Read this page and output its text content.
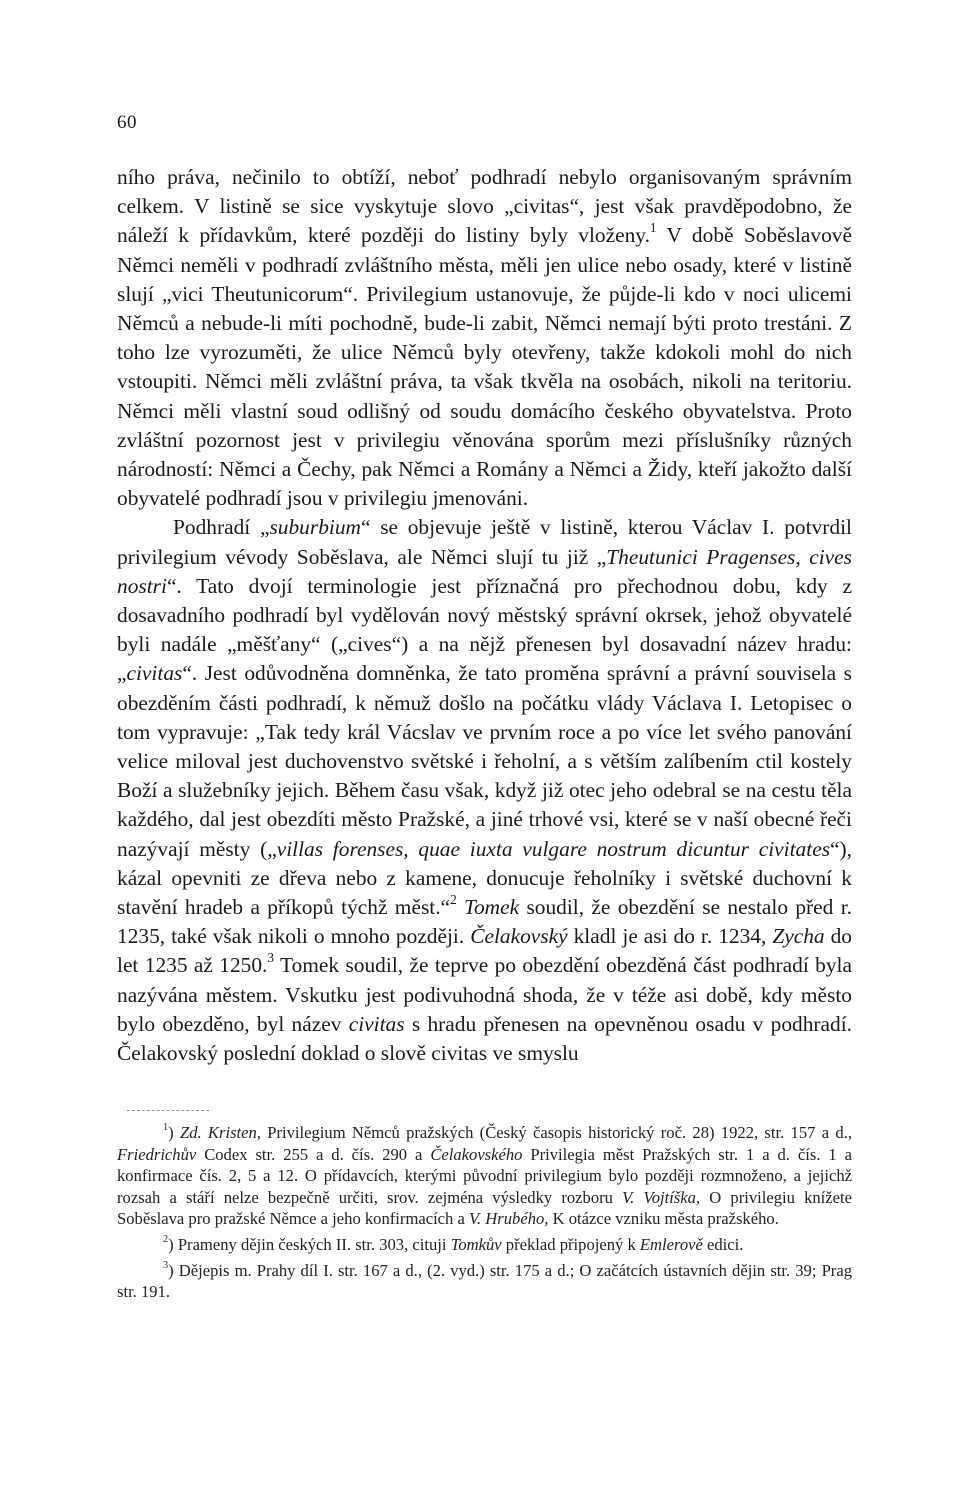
60

ního práva, nečinilo to obtíží, neboť podhradí nebylo organisovaným správním celkem. V listině se sice vyskytuje slovo „civitas“, jest však pravděpodobno, že náleží k přídavkům, které později do listiny byly vloženy.$^1$ V době Soběslavově Němci neměli v podhradí zvláštního města, měli jen ulice nebo osady, které v listině slují „vici Theutunicorum“. Privilegium ustanovuje, že půjde-li kdo v noci ulicemi Němců a nebude-li míti pochodně, bude-li zabit, Němci nemají býti proto trestáni. Z toho lze vyrozuměti, že ulice Němců byly otevřeny, takže kdokoli mohl do nich vstoupiti. Němci měli zvláštní práva, ta však tkvěla na osobách, nikoli na teritoriu. Němci měli vlastní soud odlišný od soudu domácího českého obyvatelstva. Proto zvláštní pozornost jest v privilegiu věnována sporům mezi příslušníky různých národností: Němci a Čechy, pak Němci a Romány a Němci a Židy, kteří jakožto další obyvatelé podhradí jsou v privilegiu jmenováni.

Podhradí „suburbium“ se objevuje ještě v listině, kterou Václav I. potvrdil privilegium vévody Soběslava, ale Němci slují tu již „Theutunici Pragenses, cives nostri“. Tato dvojí terminologie jest příznačná pro přechodnou dobu, kdy z dosavadního podhradí byl vydělován nový městský správní okrsek, jehož obyvatelé byli nadále „měšťany“ („cives“) a na nějž přenesen byl dosavadní název hradu: „civitas“. Jest odůvodněna domněnka, že tato proměna správní a právní souvisela s obezděním části podhradí, k němuž došlo na počátku vlády Václava I. Letopisec o tom vypravuje: „Tak tedy král Vácslav ve prvním roce a po více let svého panování velice miloval jest duchovenstvo světské i řeholní, a s větším zalíbením ctil kostely Boží a služebníky jejich. Během času však, když již otec jeho odebral se na cestu těla každého, dal jest obezdíti město Pražské, a jiné trhové vsi, které se v naší obecné řeči nazývají městy („villas forenses, quae iuxta vulgare nostrum dicuntur civitates“), kázal opevniti ze dřeva nebo z kamene, donucuje řeholníky i světské duchovní k stavění hradeb a příkopů týchž měst.“$^2$ Tomek soudil, že obezdění se nestalo před r. 1235, také však nikoli o mnoho později. Čelakovský kladl je asi do r. 1234, Zycha do let 1235 až 1250.$^3$ Tomek soudil, že teprve po obezdění obezděná část podhradí byla nazývána městem. Vskutku jest podivuhodná shoda, že v téže asi době, kdy město bylo obezděno, byl název civitas s hradu přenesen na opevněnou osadu v podhradí. Čelakovský poslední doklad o slově civitas ve smyslu

$^1$) Zd. Kristen, Privilegium Němců pražských (Český časopis historický roč. 28) 1922, str. 157 a d., Friedrichův Codex str. 255 a d. čís. 290 a Čelakovského Privilegia měst Pražských str. 1 a d. čís. 1 a konfirmace čís. 2, 5 a 12. O přídavcích, kterými původní privilegium bylo později rozmnoženo, a jejichž rozsah a stáří nelze bezpečně určiti, srov. zejména výsledky rozboru V. Vojtíška, O privilegiu knížete Soběslava pro pražské Němce a jeho konfirmacích a V. Hrubého, K otázce vzniku města pražského.

$^2$) Prameny dějin českých II. str. 303, cituji Tomkův překlad připojený k Emlerově edici.

$^3$) Dějepis m. Prahy díl I. str. 167 a d., (2. vyd.) str. 175 a d.; O začátcích ústavních dějin str. 39; Prag str. 191.
